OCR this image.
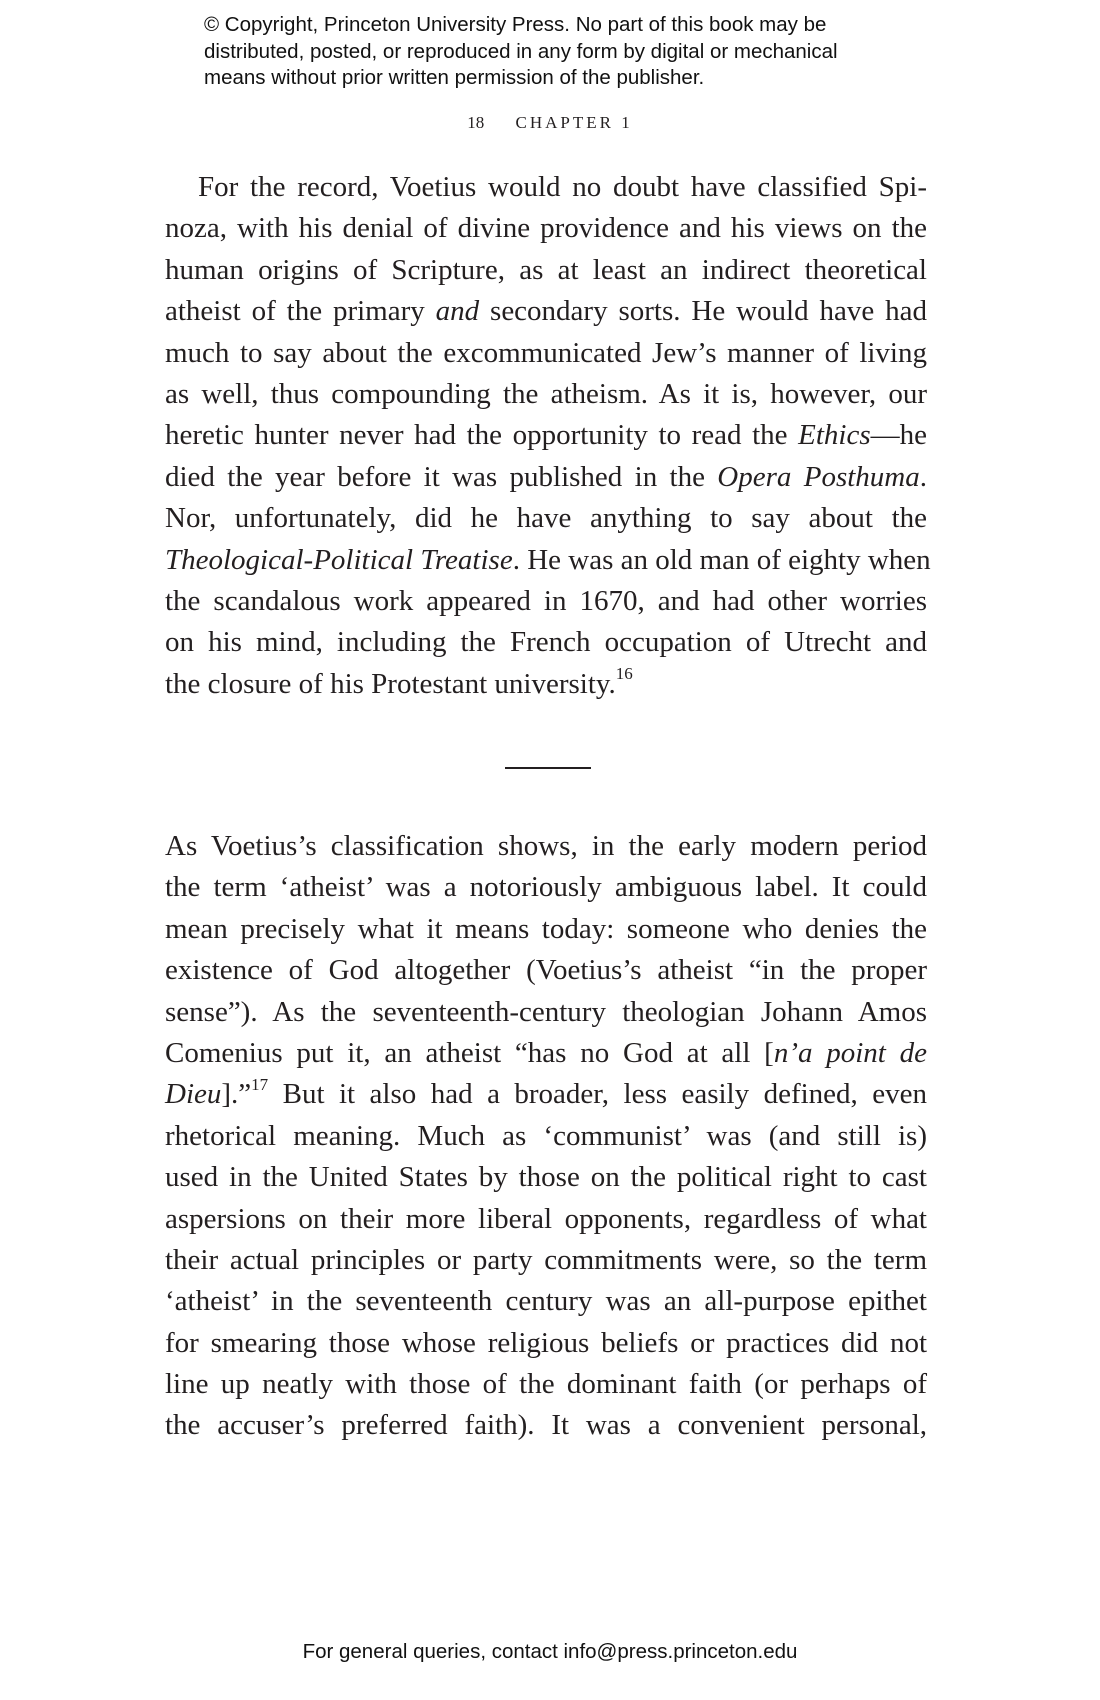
© Copyright, Princeton University Press. No part of this book may be
distributed, posted, or reproduced in any form by digital or mechanical
means without prior written permission of the publisher.
18 CHAPTER 1
For the record, Voetius would no doubt have classified Spi-
noza, with his denial of divine providence and his views on the
human origins of Scripture, as at least an indirect theoretical
atheist of the primary and secondary sorts. He would have had
much to say about the excommunicated Jew’s manner of living
as well, thus compounding the atheism. As it is, however, our
heretic hunter never had the opportunity to read the Ethics—he
died the year before it was published in the Opera Posthuma.
Nor, unfortunately, did he have anything to say about the
Theological-Political Treatise. He was an old man of eighty when
the scandalous work appeared in 1670, and had other worries
on his mind, including the French occupation of Utrecht and
the closure of his Protestant university.$^{16}$
As Voetius’s classification shows, in the early modern period
the term ‘atheist’ was a notoriously ambiguous label. It could
mean precisely what it means today: someone who denies the
existence of God altogether (Voetius’s atheist “in the proper
sense”). As the seventeenth-century theologian Johann Amos
Comenius put it, an atheist “has no God at all [n’a point de
Dieu].”$^{17}$ But it also had a broader, less easily defined, even
rhetorical meaning. Much as ‘communist’ was (and still is)
used in the United States by those on the political right to cast
aspersions on their more liberal opponents, regardless of what
their actual principles or party commitments were, so the term
‘atheist’ in the seventeenth century was an all-purpose epithet
for smearing those whose religious beliefs or practices did not
line up neatly with those of the dominant faith (or perhaps of
the accuser’s preferred faith). It was a convenient personal,
For general queries, contact info@press.princeton.edu
